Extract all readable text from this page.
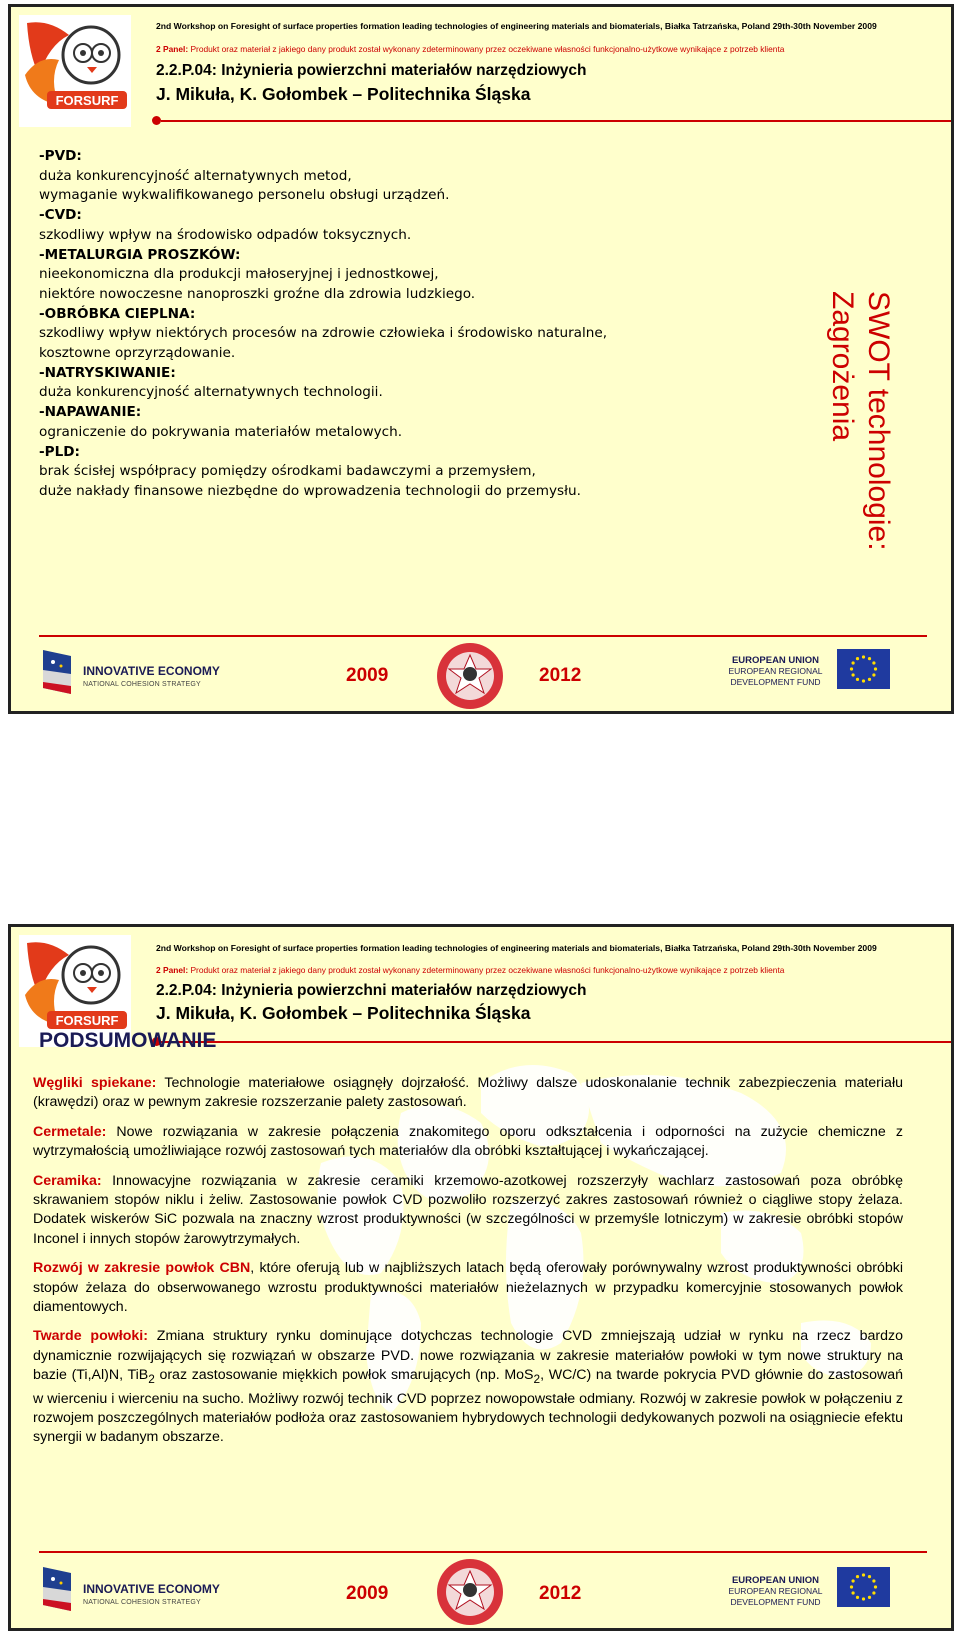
FORSURF
2nd Workshop on Foresight of surface properties formation leading technologies of engineering materials and biomaterials, Białka Tatrzańska, Poland 29th-30th November 2009
2 Panel: Produkt oraz materiał z jakiego dany produkt został wykonany zdeterminowany przez oczekiwane własności funkcjonalno-użytkowe wynikające z potrzeb klienta
2.2.P.04: Inżynieria powierzchni materiałów narzędziowych
J. Mikuła, K. Gołombek – Politechnika Śląska
-PVD:
duża konkurencyjność alternatywnych metod,
wymaganie wykwalifikowanego personelu obsługi urządzeń.
-CVD:
szkodliwy wpływ na środowisko odpadów toksycznych.
-METALURGIA PROSZKÓW:
nieekonomiczna dla produkcji małoseryjnej i jednostkowej,
niektóre nowoczesne nanoproszki groźne dla zdrowia ludzkiego.
-OBRÓBKA CIEPLNA:
szkodliwy wpływ niektórych procesów na zdrowie człowieka i środowisko naturalne,
kosztowne oprzyrządowanie.
-NATRYSKIWANIE:
duża konkurencyjność alternatywnych technologii.
-NAPAWANIE:
ograniczenie do pokrywania materiałów metalowych.
-PLD:
brak ścisłej współpracy pomiędzy ośrodkami badawczymi a przemysłem,
duże nakłady finansowe niezbędne do wprowadzenia technologii do przemysłu.	SWOT technologie:
Zagrożenia
INNOVATIVE ECONOMY
NATIONAL COHESION STRATEGY	2009	2012
EUROPEAN UNION
EUROPEAN REGIONAL
DEVELOPMENT FUND
FORSURF
2nd Workshop on Foresight of surface properties formation leading technologies of engineering materials and biomaterials, Białka Tatrzańska, Poland 29th-30th November 2009
2 Panel: Produkt oraz materiał z jakiego dany produkt został wykonany zdeterminowany przez oczekiwane własności funkcjonalno-użytkowe wynikające z potrzeb klienta
2.2.P.04: Inżynieria powierzchni materiałów narzędziowych
J. Mikuła, K. Gołombek – Politechnika Śląska
PODSUMOWANIE

Węgliki spiekane: Technologie materiałowe osiągnęły dojrzałość. Możliwy dalsze udoskonalanie technik zabezpieczenia materiału (krawędzi) oraz w pewnym zakresie rozszerzanie palety zastosowań.

Cermetale: Nowe rozwiązania w zakresie połączenia znakomitego oporu odkształcenia i odporności na zużycie chemiczne z wytrzymałością umożliwiające rozwój zastosowań tych materiałów dla obróbki kształtującej i wykańczającej.

Ceramika: Innowacyjne rozwiązania w zakresie ceramiki krzemowo-azotkowej rozszerzyły wachlarz zastosowań poza obróbkę skrawaniem stopów niklu i żeliw. Zastosowanie powłok CVD pozwoliło rozszerzyć zakres zastosowań również o ciągliwe stopy żelaza. Dodatek wiskerów SiC pozwala na znaczny wzrost produktywności (w szczególności w przemyśle lotniczym) w zakresie obróbki stopów Inconel i innych stopów żarowytrzymałych.

Rozwój w zakresie powłok CBN, które oferują lub w najbliższych latach będą oferowały porównywalny wzrost produktywności obróbki stopów żelaza do obserwowanego wzrostu produktywności materiałów nieżelaznych w przypadku komercyjnie stosowanych powłok diamentowych.

Twarde powłoki: Zmiana struktury rynku dominujące dotychczas technologie CVD zmniejszają udział w rynku na rzecz bardzo dynamicznie rozwijających się rozwiązań w obszarze PVD. nowe rozwiązania w zakresie materiałów powłoki w tym nowe struktury na bazie (Ti,Al)N, TiB$_2$ oraz zastosowanie miękkich powłok smarujących (np. MoS$_2$, WC/C) na twarde pokrycia PVD głównie do zastosowań w wierceniu i wierceniu na sucho. Możliwy rozwój technik CVD poprzez nowopowstałe odmiany. Rozwój w zakresie powłok w połączeniu z rozwojem poszczególnych materiałów podłoża oraz zastosowaniem hybrydowych technologii dedykowanych pozwoli na osiągniecie efektu synergii w badanym obszarze.

INNOVATIVE ECONOMY
NATIONAL COHESION STRATEGY	2009	2012
EUROPEAN UNION
EUROPEAN REGIONAL
DEVELOPMENT FUND
